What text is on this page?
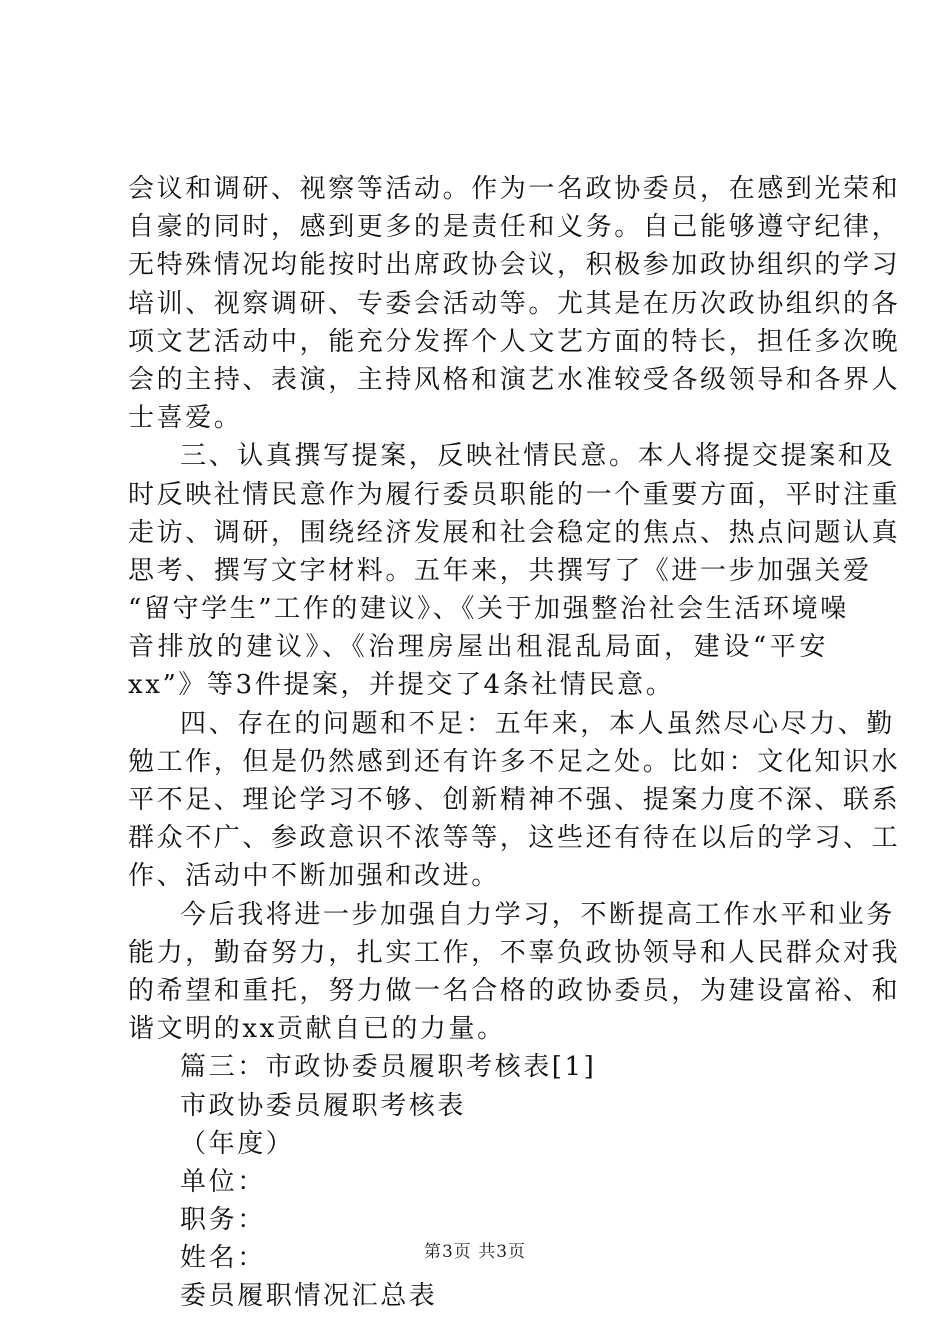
会议和调研、视察等活动。作为一名政协委员，在感到光荣和
自豪的同时，感到更多的是责任和义务。自己能够遵守纪律，
无特殊情况均能按时出席政协会议，积极参加政协组织的学习
培训、视察调研、专委会活动等。尤其是在历次政协组织的各
项文艺活动中，能充分发挥个人文艺方面的特长，担任多次晚
会的主持、表演，主持风格和演艺水准较受各级领导和各界人
士喜爱。
三、认真撰写提案，反映社情民意。本人将提交提案和及
时反映社情民意作为履行委员职能的一个重要方面，平时注重
走访、调研，围绕经济发展和社会稳定的焦点、热点问题认真
思考、撰写文字材料。五年来，共撰写了《进一步加强关爱
“留守学生”工作的建议》、《关于加强整治社会生活环境噪
音排放的建议》、《治理房屋出租混乱局面，建设“平安
xx”》等3件提案，并提交了4条社情民意。
四、存在的问题和不足：五年来，本人虽然尽心尽力、勤
勉工作，但是仍然感到还有许多不足之处。比如：文化知识水
平不足、理论学习不够、创新精神不强、提案力度不深、联系
群众不广、参政意识不浓等等，这些还有待在以后的学习、工
作、活动中不断加强和改进。
今后我将进一步加强自力学习，不断提高工作水平和业务
能力，勤奋努力，扎实工作，不辜负政协领导和人民群众对我
的希望和重托，努力做一名合格的政协委员，为建设富裕、和
谐文明的xx贡献自已的力量。
篇三：市政协委员履职考核表[1]
市政协委员履职考核表
（年度）
单位：
职务：
姓名：
委员履职情况汇总表
第3页 共3页
